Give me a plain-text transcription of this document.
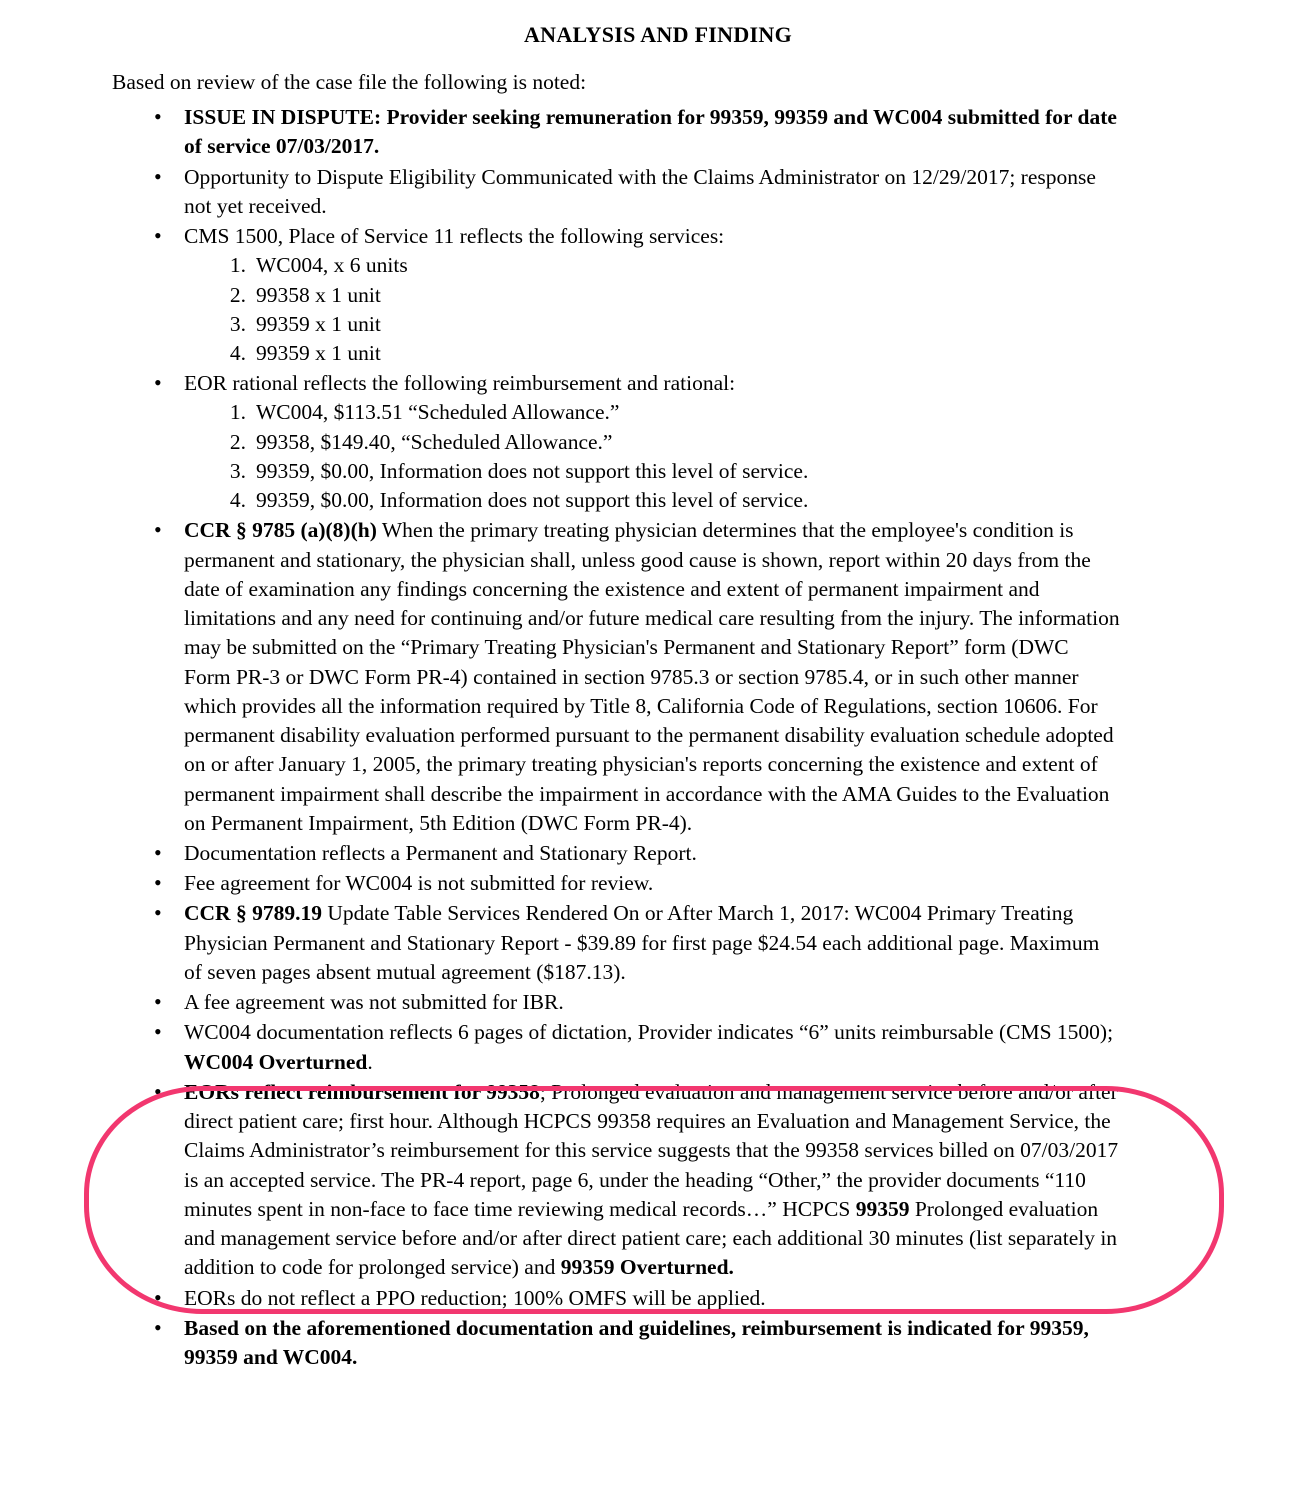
ANALYSIS AND FINDING
Based on review of the case file the following is noted:
• ISSUE IN DISPUTE: Provider seeking remuneration for 99359, 99359 and WC004 submitted for date of service 07/03/2017.
• Opportunity to Dispute Eligibility Communicated with the Claims Administrator on 12/29/2017; response not yet received.
• CMS 1500, Place of Service 11 reflects the following services:
1. WC004, x 6 units
2. 99358 x 1 unit
3. 99359 x 1 unit
4. 99359 x 1 unit
• EOR rational reflects the following reimbursement and rational:
1. WC004, $113.51 “Scheduled Allowance.”
2. 99358, $149.40, “Scheduled Allowance.”
3. 99359, $0.00, Information does not support this level of service.
4. 99359, $0.00, Information does not support this level of service.
• CCR § 9785 (a)(8)(h) When the primary treating physician determines that the employee's condition is permanent and stationary, the physician shall, unless good cause is shown, report within 20 days from the date of examination any findings concerning the existence and extent of permanent impairment and limitations and any need for continuing and/or future medical care resulting from the injury. The information may be submitted on the “Primary Treating Physician's Permanent and Stationary Report” form (DWC Form PR-3 or DWC Form PR-4) contained in section 9785.3 or section 9785.4, or in such other manner which provides all the information required by Title 8, California Code of Regulations, section 10606. For permanent disability evaluation performed pursuant to the permanent disability evaluation schedule adopted on or after January 1, 2005, the primary treating physician's reports concerning the existence and extent of permanent impairment shall describe the impairment in accordance with the AMA Guides to the Evaluation on Permanent Impairment, 5th Edition (DWC Form PR-4).
• Documentation reflects a Permanent and Stationary Report.
• Fee agreement for WC004 is not submitted for review.
• CCR § 9789.19 Update Table Services Rendered On or After March 1, 2017: WC004 Primary Treating Physician Permanent and Stationary Report - $39.89 for first page $24.54 each additional page. Maximum of seven pages absent mutual agreement ($187.13).
• A fee agreement was not submitted for IBR.
• WC004 documentation reflects 6 pages of dictation, Provider indicates “6” units reimbursable (CMS 1500); WC004 Overturned.
• EORs reflect reimbursement for 99358; Prolonged evaluation and management service before and/or after direct patient care; first hour. Although HCPCS 99358 requires an Evaluation and Management Service, the Claims Administrator’s reimbursement for this service suggests that the 99358 services billed on 07/03/2017 is an accepted service. The PR-4 report, page 6, under the heading “Other,” the provider documents “110 minutes spent in non-face to face time reviewing medical records…” HCPCS 99359 Prolonged evaluation and management service before and/or after direct patient care; each additional 30 minutes (list separately in addition to code for prolonged service) and 99359 Overturned.
• EORs do not reflect a PPO reduction; 100% OMFS will be applied.
• Based on the aforementioned documentation and guidelines, reimbursement is indicated for 99359, 99359 and WC004.
